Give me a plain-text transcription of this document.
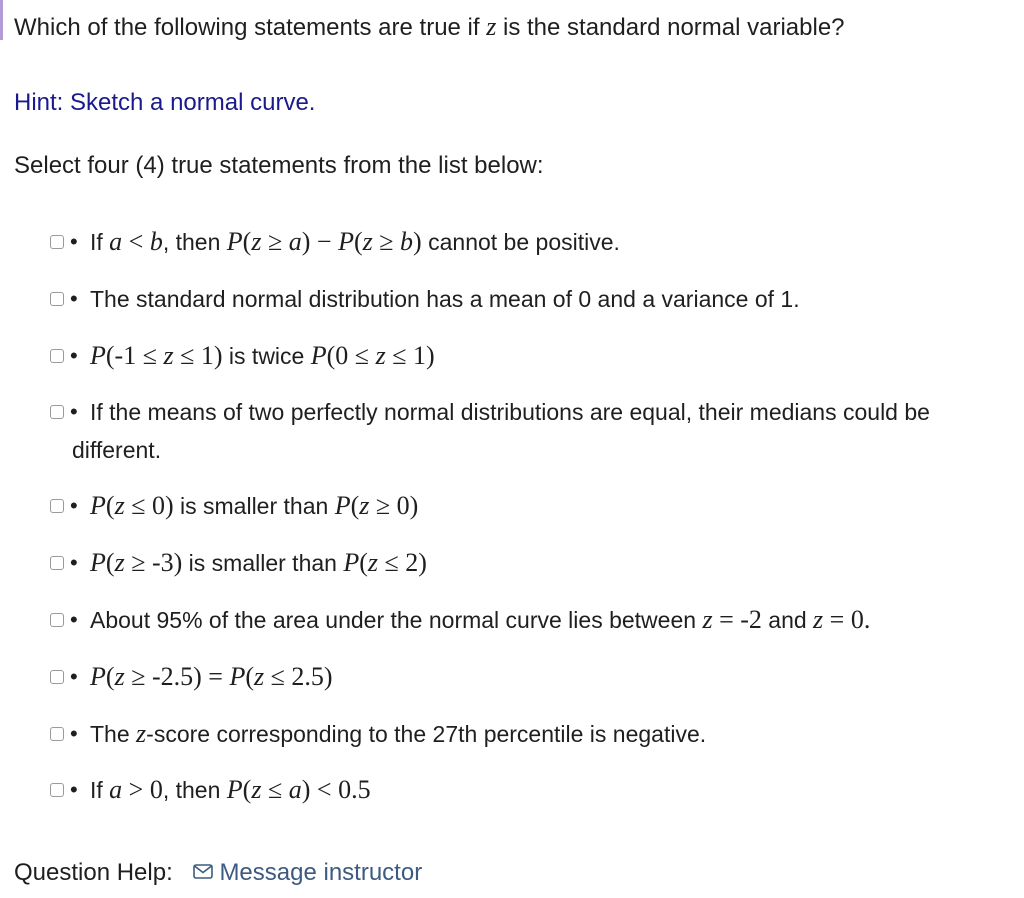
Which of the following statements are true if z is the standard normal variable?
Hint: Sketch a normal curve.
Select four (4) true statements from the list below:
• If a < b, then P(z ≥ a) − P(z ≥ b) cannot be positive.
• The standard normal distribution has a mean of 0 and a variance of 1.
• P(-1 ≤ z ≤ 1) is twice P(0 ≤ z ≤ 1)
• If the means of two perfectly normal distributions are equal, their medians could be different.
• P(z ≤ 0) is smaller than P(z ≥ 0)
• P(z ≥ -3) is smaller than P(z ≤ 2)
• About 95% of the area under the normal curve lies between z = -2 and z = 0.
• P(z ≥ -2.5) = P(z ≤ 2.5)
• The z-score corresponding to the 27th percentile is negative.
• If a > 0, then P(z ≤ a) < 0.5
Question Help: Message instructor
